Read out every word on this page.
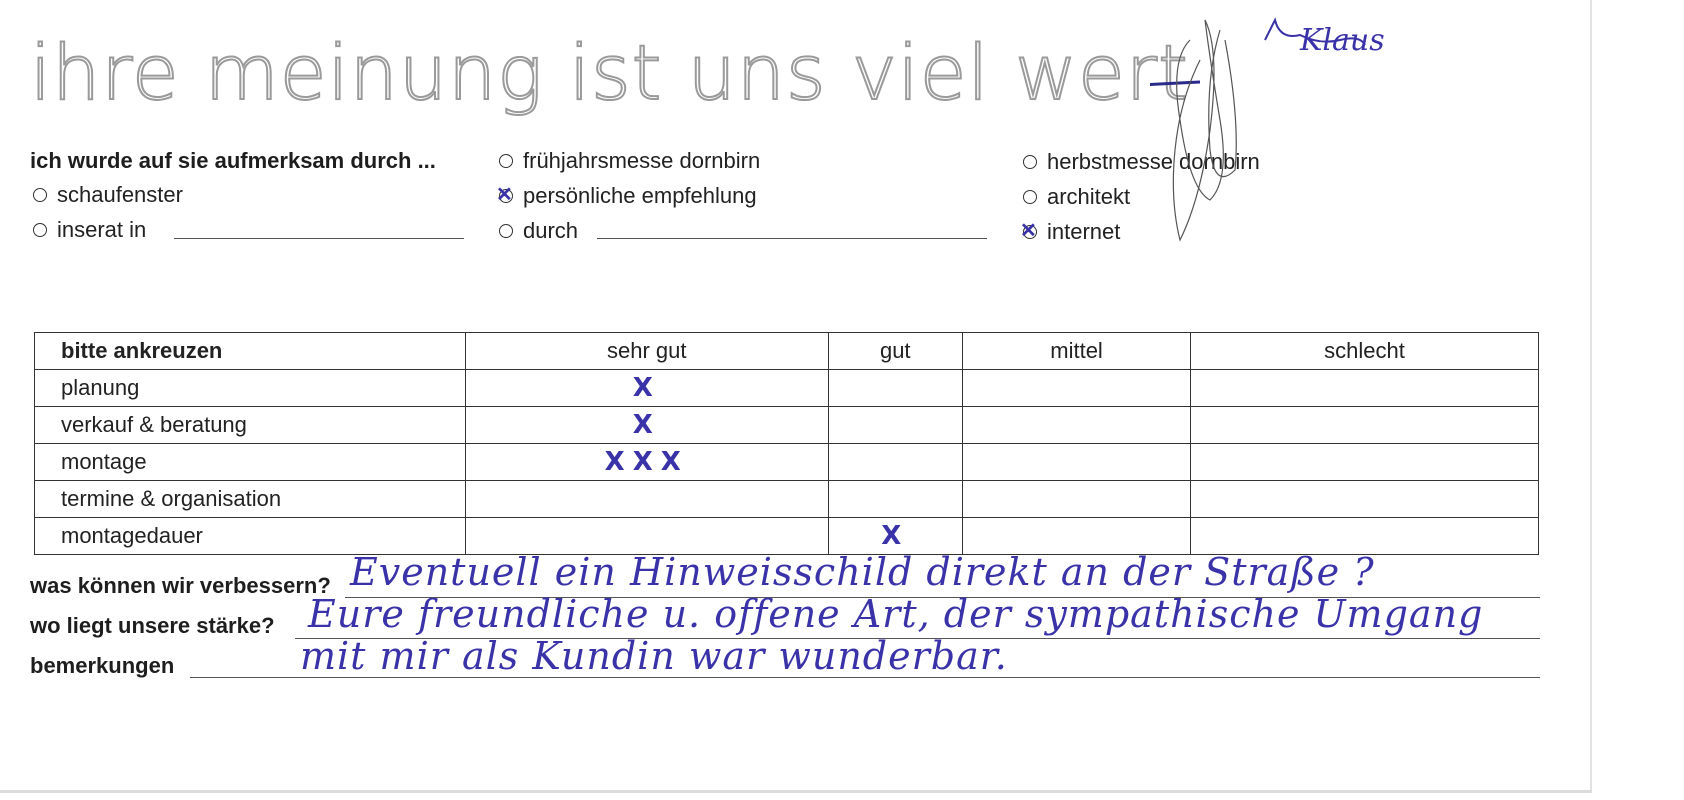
ihre meinung ist uns viel wert
ich wurde auf sie aufmerksam durch ...
schaufenster
inserat in
frühjahrsmesse dornbirn
✕
persönliche empfehlung
durch
herbstmesse dornbirn
architekt
✕
internet
Klaus
bitte ankreuzen	sehr gut	gut	mittel	schlecht
planung	X			
verkauf & beratung	X			
montage	XXX			
termine & organisation				
montagedauer		X		
was können wir verbessern? Eventuell ein Hinweisschild direkt an der Straße ?
wo liegt unsere stärke? Eure freundliche u. offene Art, der sympathische Umgang
bemerkungen	mit mir als Kundin war wunderbar.
